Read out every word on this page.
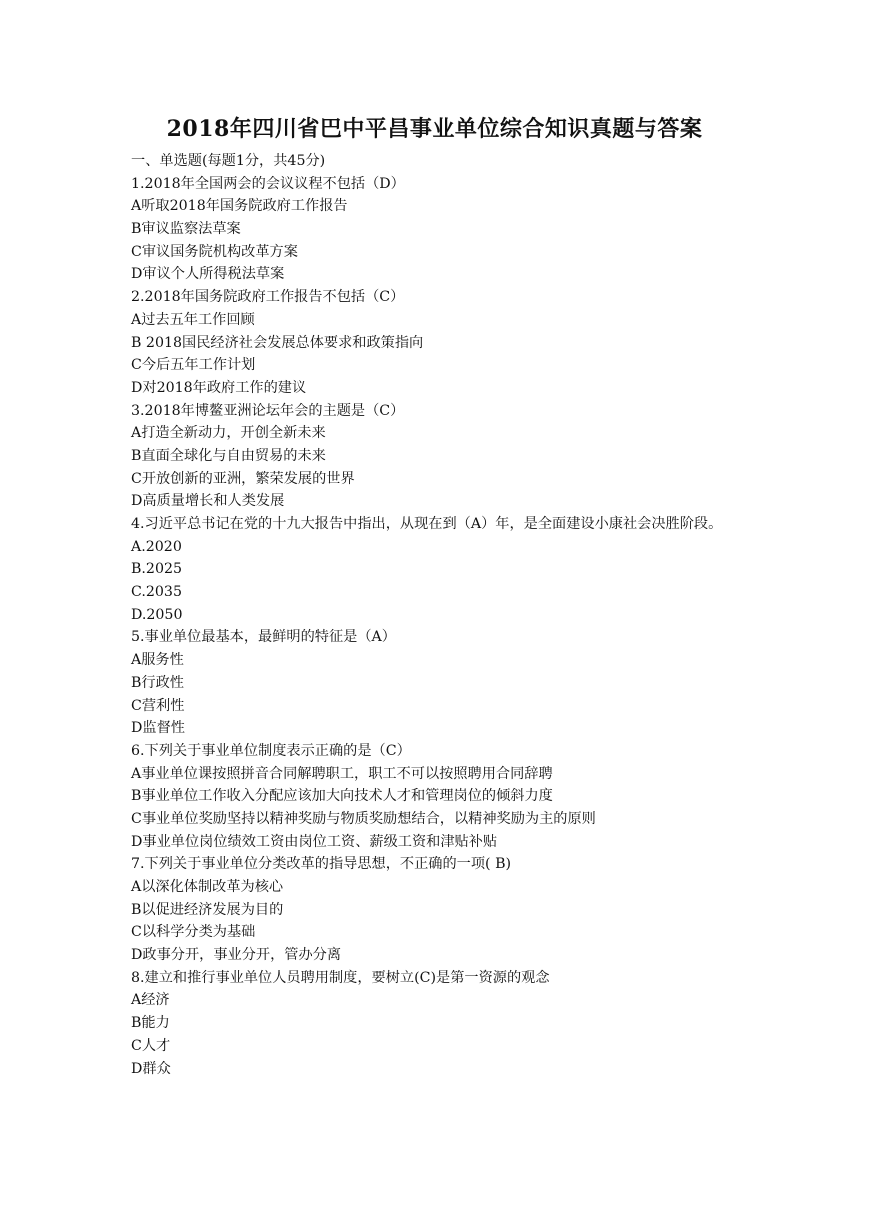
2018年四川省巴中平昌事业单位综合知识真题与答案
一、单选题(每题1分，共45分)
1.2018年全国两会的会议议程不包括（D）
A听取2018年国务院政府工作报告
B审议监察法草案
C审议国务院机构改革方案
D审议个人所得税法草案
2.2018年国务院政府工作报告不包括（C）
A过去五年工作回顾
B 2018国民经济社会发展总体要求和政策指向
C今后五年工作计划
D对2018年政府工作的建议
3.2018年博鳌亚洲论坛年会的主题是（C）
A打造全新动力，开创全新未来
B直面全球化与自由贸易的未来
C开放创新的亚洲，繁荣发展的世界
D高质量增长和人类发展
4.习近平总书记在党的十九大报告中指出，从现在到（A）年，是全面建设小康社会决胜阶段。
A.2020
B.2025
C.2035
D.2050
5.事业单位最基本，最鲜明的特征是（A）
A服务性
B行政性
C营利性
D监督性
6.下列关于事业单位制度表示正确的是（C）
A事业单位课按照拼音合同解聘职工，职工不可以按照聘用合同辞聘
B事业单位工作收入分配应该加大向技术人才和管理岗位的倾斜力度
C事业单位奖励坚持以精神奖励与物质奖励想结合，以精神奖励为主的原则
D事业单位岗位绩效工资由岗位工资、薪级工资和津贴补贴
7.下列关于事业单位分类改革的指导思想，不正确的一项( B)
A以深化体制改革为核心
B以促进经济发展为目的
C以科学分类为基础
D政事分开，事业分开，管办分离
8.建立和推行事业单位人员聘用制度，要树立(C)是第一资源的观念
A经济
B能力
C人才
D群众
